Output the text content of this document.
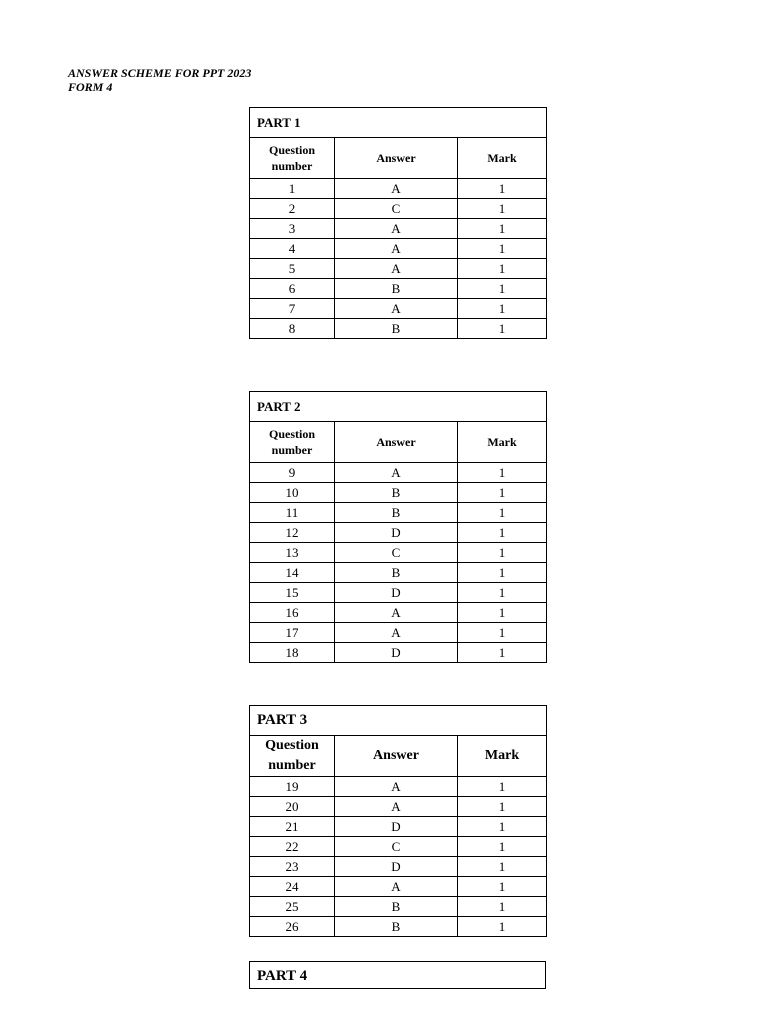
ANSWER SCHEME FOR PPT 2023
FORM 4
PART 1		
Question number	Answer	Mark
1	A	1
2	C	1
3	A	1
4	A	1
5	A	1
6	B	1
7	A	1
8	B	1
PART 2		
Question number	Answer	Mark
9	A	1
10	B	1
11	B	1
12	D	1
13	C	1
14	B	1
15	D	1
16	A	1
17	A	1
18	D	1
PART 3		
Question number	Answer	Mark
19	A	1
20	A	1
21	D	1
22	C	1
23	D	1
24	A	1
25	B	1
26	B	1
PART 4
